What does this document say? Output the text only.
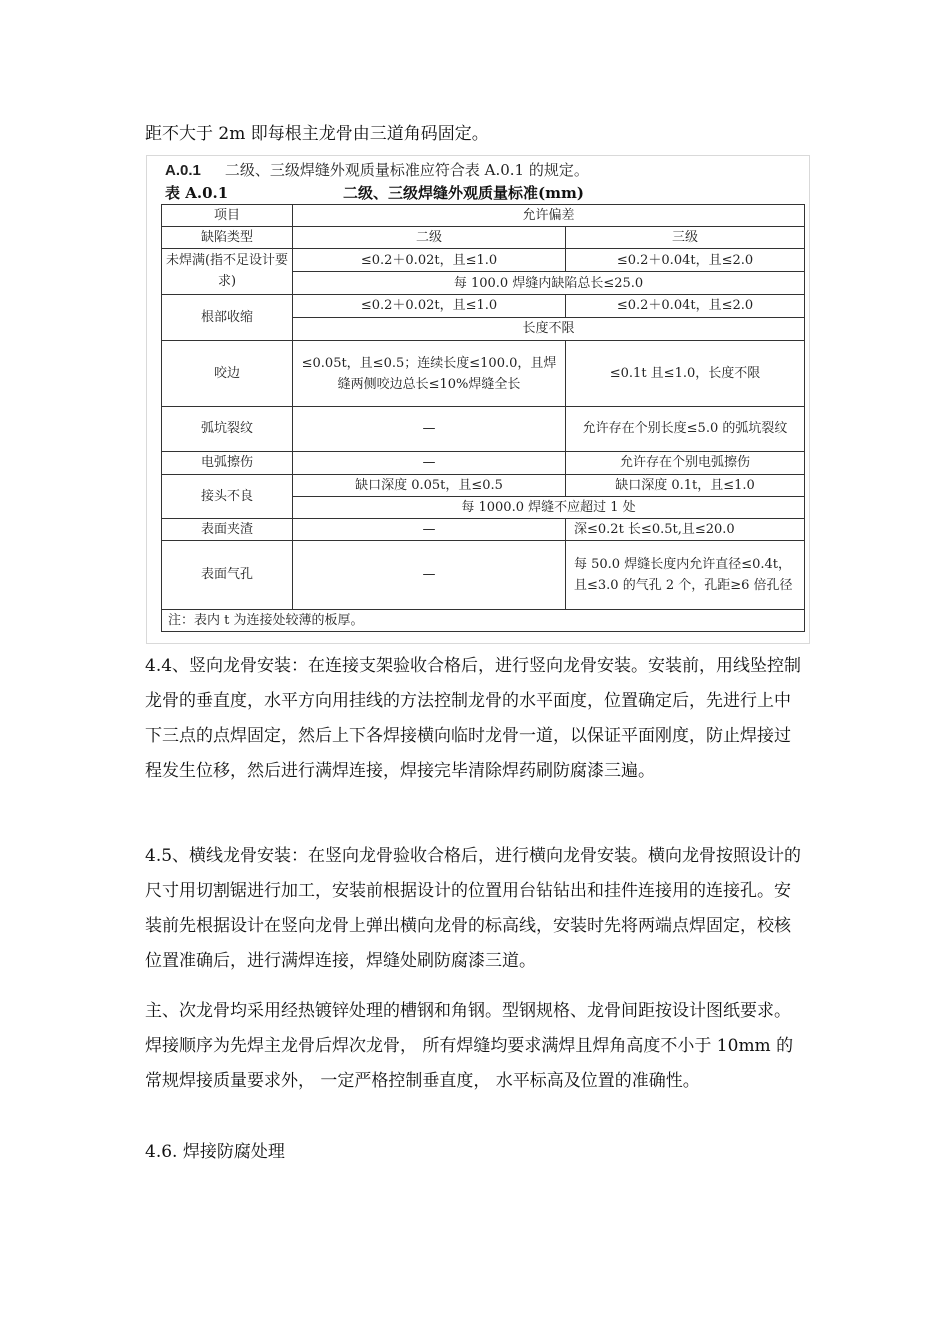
距不大于 2m 即每根主龙骨由三道角码固定。

A.0.1 二级、三级焊缝外观质量标准应符合表 A.0.1 的规定。
表 A.0.1	二级、三级焊缝外观质量标准(mm)
项目	允许偏差	
缺陷类型	二级	三级
未焊满(指不足设计要求)	≤0.2＋0.02t，且≤1.0	≤0.2＋0.04t，且≤2.0
	每 100.0 焊缝内缺陷总长≤25.0	
根部收缩	≤0.2＋0.02t，且≤1.0	≤0.2＋0.04t，且≤2.0
	长度不限	
咬边	≤0.05t，且≤0.5；连续长度≤100.0，且焊缝两侧咬边总长≤10%焊缝全长	≤0.1t 且≤1.0，长度不限
弧坑裂纹	—	允许存在个别长度≤5.0 的弧坑裂纹
电弧擦伤	—	允许存在个别电弧擦伤
接头不良	缺口深度 0.05t，且≤0.5	缺口深度 0.1t，且≤1.0
	每 1000.0 焊缝不应超过 1 处	
表面夹渣	—	深≤0.2t 长≤0.5t,且≤20.0
表面气孔	—	每 50.0 焊缝长度内允许直径≤0.4t，且≤3.0 的气孔 2 个，孔距≥6 倍孔径
注：表内 t 为连接处较薄的板厚。		

4.4、竖向龙骨安装：在连接支架验收合格后，进行竖向龙骨安装。安装前，用线坠控制龙骨的垂直度，水平方向用挂线的方法控制龙骨的水平面度，位置确定后，先进行上中下三点的点焊固定，然后上下各焊接横向临时龙骨一道，以保证平面刚度，防止焊接过程发生位移，然后进行满焊连接，焊接完毕清除焊药刷防腐漆三遍。

4.5、横线龙骨安装：在竖向龙骨验收合格后，进行横向龙骨安装。横向龙骨按照设计的尺寸用切割锯进行加工，安装前根据设计的位置用台钻钻出和挂件连接用的连接孔。安装前先根据设计在竖向龙骨上弹出横向龙骨的标高线，安装时先将两端点焊固定，校核位置准确后，进行满焊连接，焊缝处刷防腐漆三道。

主、次龙骨均采用经热镀锌处理的槽钢和角钢。型钢规格、龙骨间距按设计图纸要求。焊接顺序为先焊主龙骨后焊次龙骨， 所有焊缝均要求满焊且焊角高度不小于 10mm 的常规焊接质量要求外， 一定严格控制垂直度， 水平标高及位置的准确性。

4.6. 焊接防腐处理
